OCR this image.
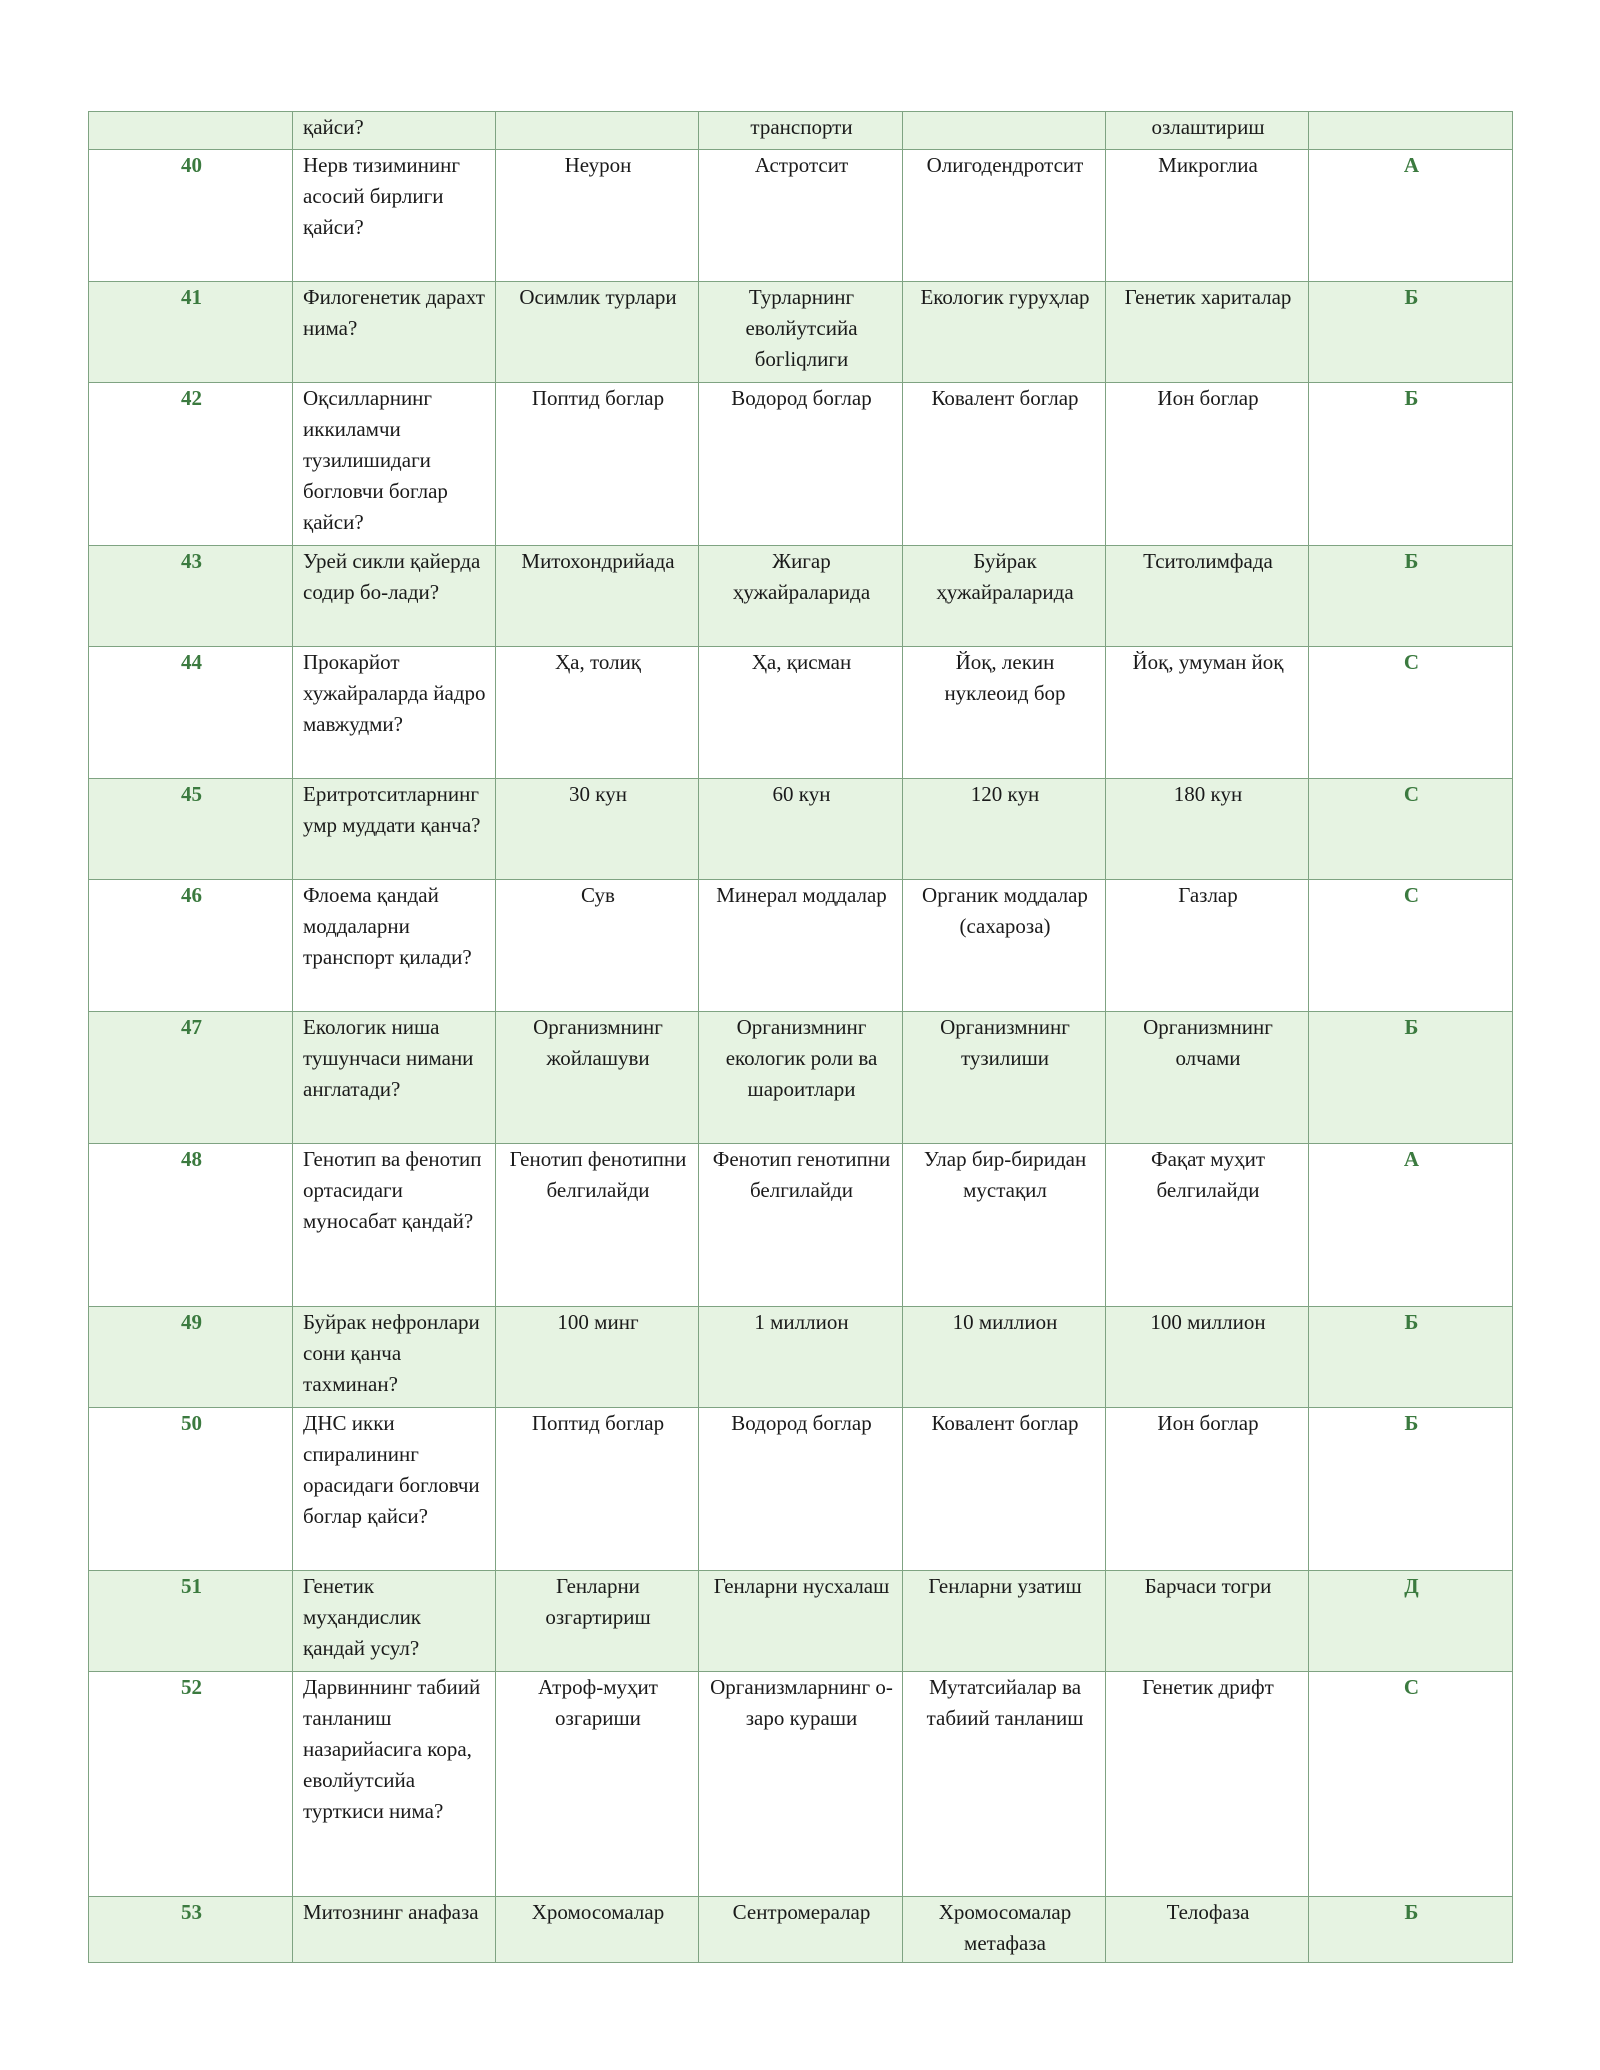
	қайси?		транспорти		озлаштириш	
40	Нерв тизимининг асосий бирлиги қайси?	Неурон	Астротсит	Олигодендротсит	Микроглиа	А
41	Филогенетик дарахт нима?	Осимлик турлари	Турларнинг еволйутсийа богliqлиги	Екологик гуруҳлар	Генетик хариталар	Б
42	Оқсилларнинг иккиламчи тузилишидаги богловчи боглар қайси?	Поптид боглар	Водород боглар	Ковалент боглар	Ион боглар	Б
43	Урей сикли қайерда содир бо-лади?	Митохондрийада	Жигар ҳужайраларида	Буйрак ҳужайраларида	Тситолимфада	Б
44	Прокарйот хужайраларда йадро мавжудми?	Ҳа, толиқ	Ҳа, қисман	Йоқ, лекин нуклеоид бор	Йоқ, умуман йоқ	С
45	Еритротситларнинг умр муддати қанча?	30 кун	60 кун	120 кун	180 кун	С
46	Флоема қандай моддаларни транспорт қилади?	Сув	Минерал моддалар	Органик моддалар (сахароза)	Газлар	С
47	Екологик ниша тушунчаси нимани англатади?	Организмнинг жойлашуви	Организмнинг екологик роли ва шароитлари	Организмнинг тузилиши	Организмнинг олчами	Б
48	Генотип ва фенотип ортасидаги муносабат қандай?	Генотип фенотипни белгилайди	Фенотип генотипни белгилайди	Улар бир-биридан мустақил	Фақат муҳит белгилайди	А
49	Буйрак нефронлари сони қанча тахминан?	100 минг	1 миллион	10 миллион	100 миллион	Б
50	ДНС икки спиралининг орасидаги богловчи боглар қайси?	Поптид боглар	Водород боглар	Ковалент боглар	Ион боглар	Б
51	Генетик муҳандислик қандай усул?	Генларни озгартириш	Генларни нусхалаш	Генларни узатиш	Барчаси тогри	Д
52	Дарвиннинг табиий танланиш назарийасига кора, еволйутсийа турткиси нима?	Атроф-муҳит озгариши	Организмларнинг о-заро кураши	Мутатсийалар ва табиий танланиш	Генетик дрифт	С
53	Митознинг анафаза	Хромосомалар	Сентромералар	Хромосомалар метафаза	Телофаза	Б
